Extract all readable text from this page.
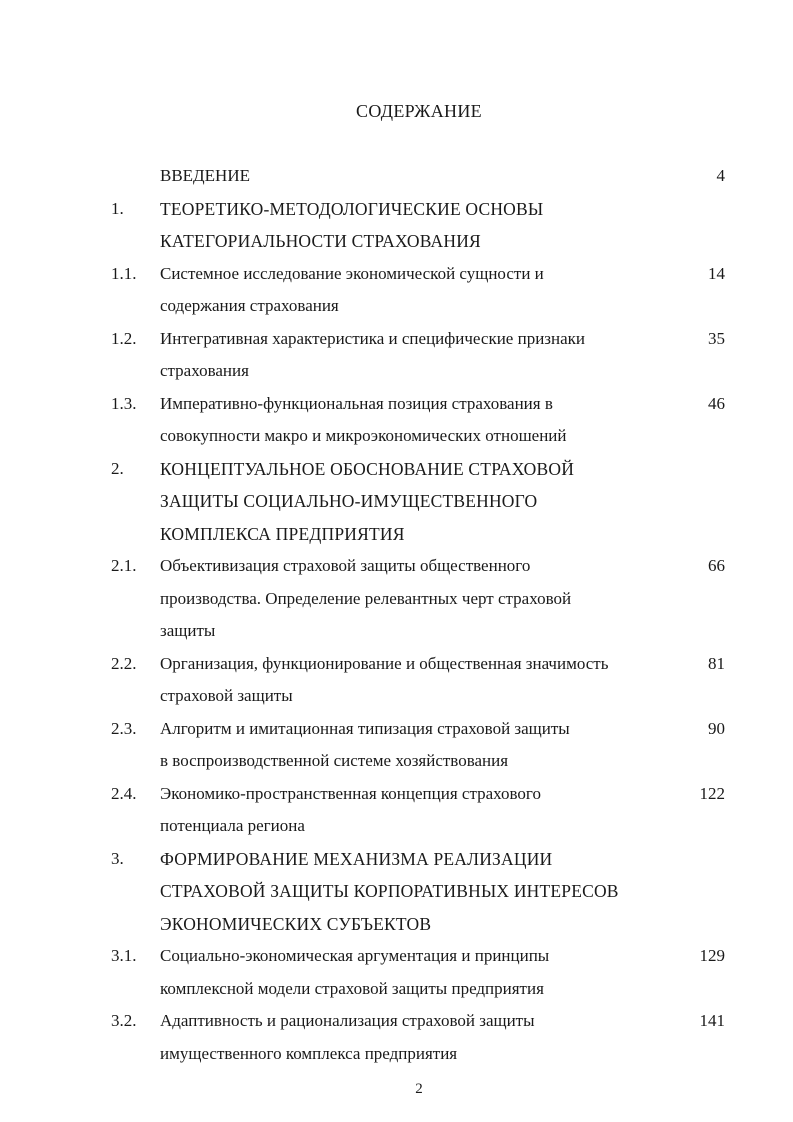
СОДЕРЖАНИЕ
ВВЕДЕНИЕ	4
1. ТЕОРЕТИКО-МЕТОДОЛОГИЧЕСКИЕ ОСНОВЫ
КАТЕГОРИАЛЬНОСТИ СТРАХОВАНИЯ
1.1. Системное исследование экономической сущности и
содержания страхования
14
1.2. Интегративная характеристика и специфические признаки
страхования
35
1.3. Императивно-функциональная позиция страхования в
совокупности макро и микроэкономических отношений
46
2. КОНЦЕПТУАЛЬНОЕ ОБОСНОВАНИЕ СТРАХОВОЙ
ЗАЩИТЫ СОЦИАЛЬНО-ИМУЩЕСТВЕННОГО
КОМПЛЕКСА ПРЕДПРИЯТИЯ
2.1. Объективизация страховой защиты общественного
производства. Определение релевантных черт страховой
защиты
66
2.2. Организация, функционирование и общественная значимость
страховой защиты
81
2.3. Алгоритм и имитационная типизация страховой защиты
в воспроизводственной системе хозяйствования
90
2.4. Экономико-пространственная концепция страхового
потенциала региона
122
3. ФОРМИРОВАНИЕ МЕХАНИЗМА РЕАЛИЗАЦИИ
СТРАХОВОЙ ЗАЩИТЫ КОРПОРАТИВНЫХ ИНТЕРЕСОВ
ЭКОНОМИЧЕСКИХ СУБЪЕКТОВ
3.1. Социально-экономическая аргументация и принципы
комплексной модели страховой защиты предприятия
129
3.2. Адаптивность и рационализация страховой защиты
имущественного комплекса предприятия
141
2
